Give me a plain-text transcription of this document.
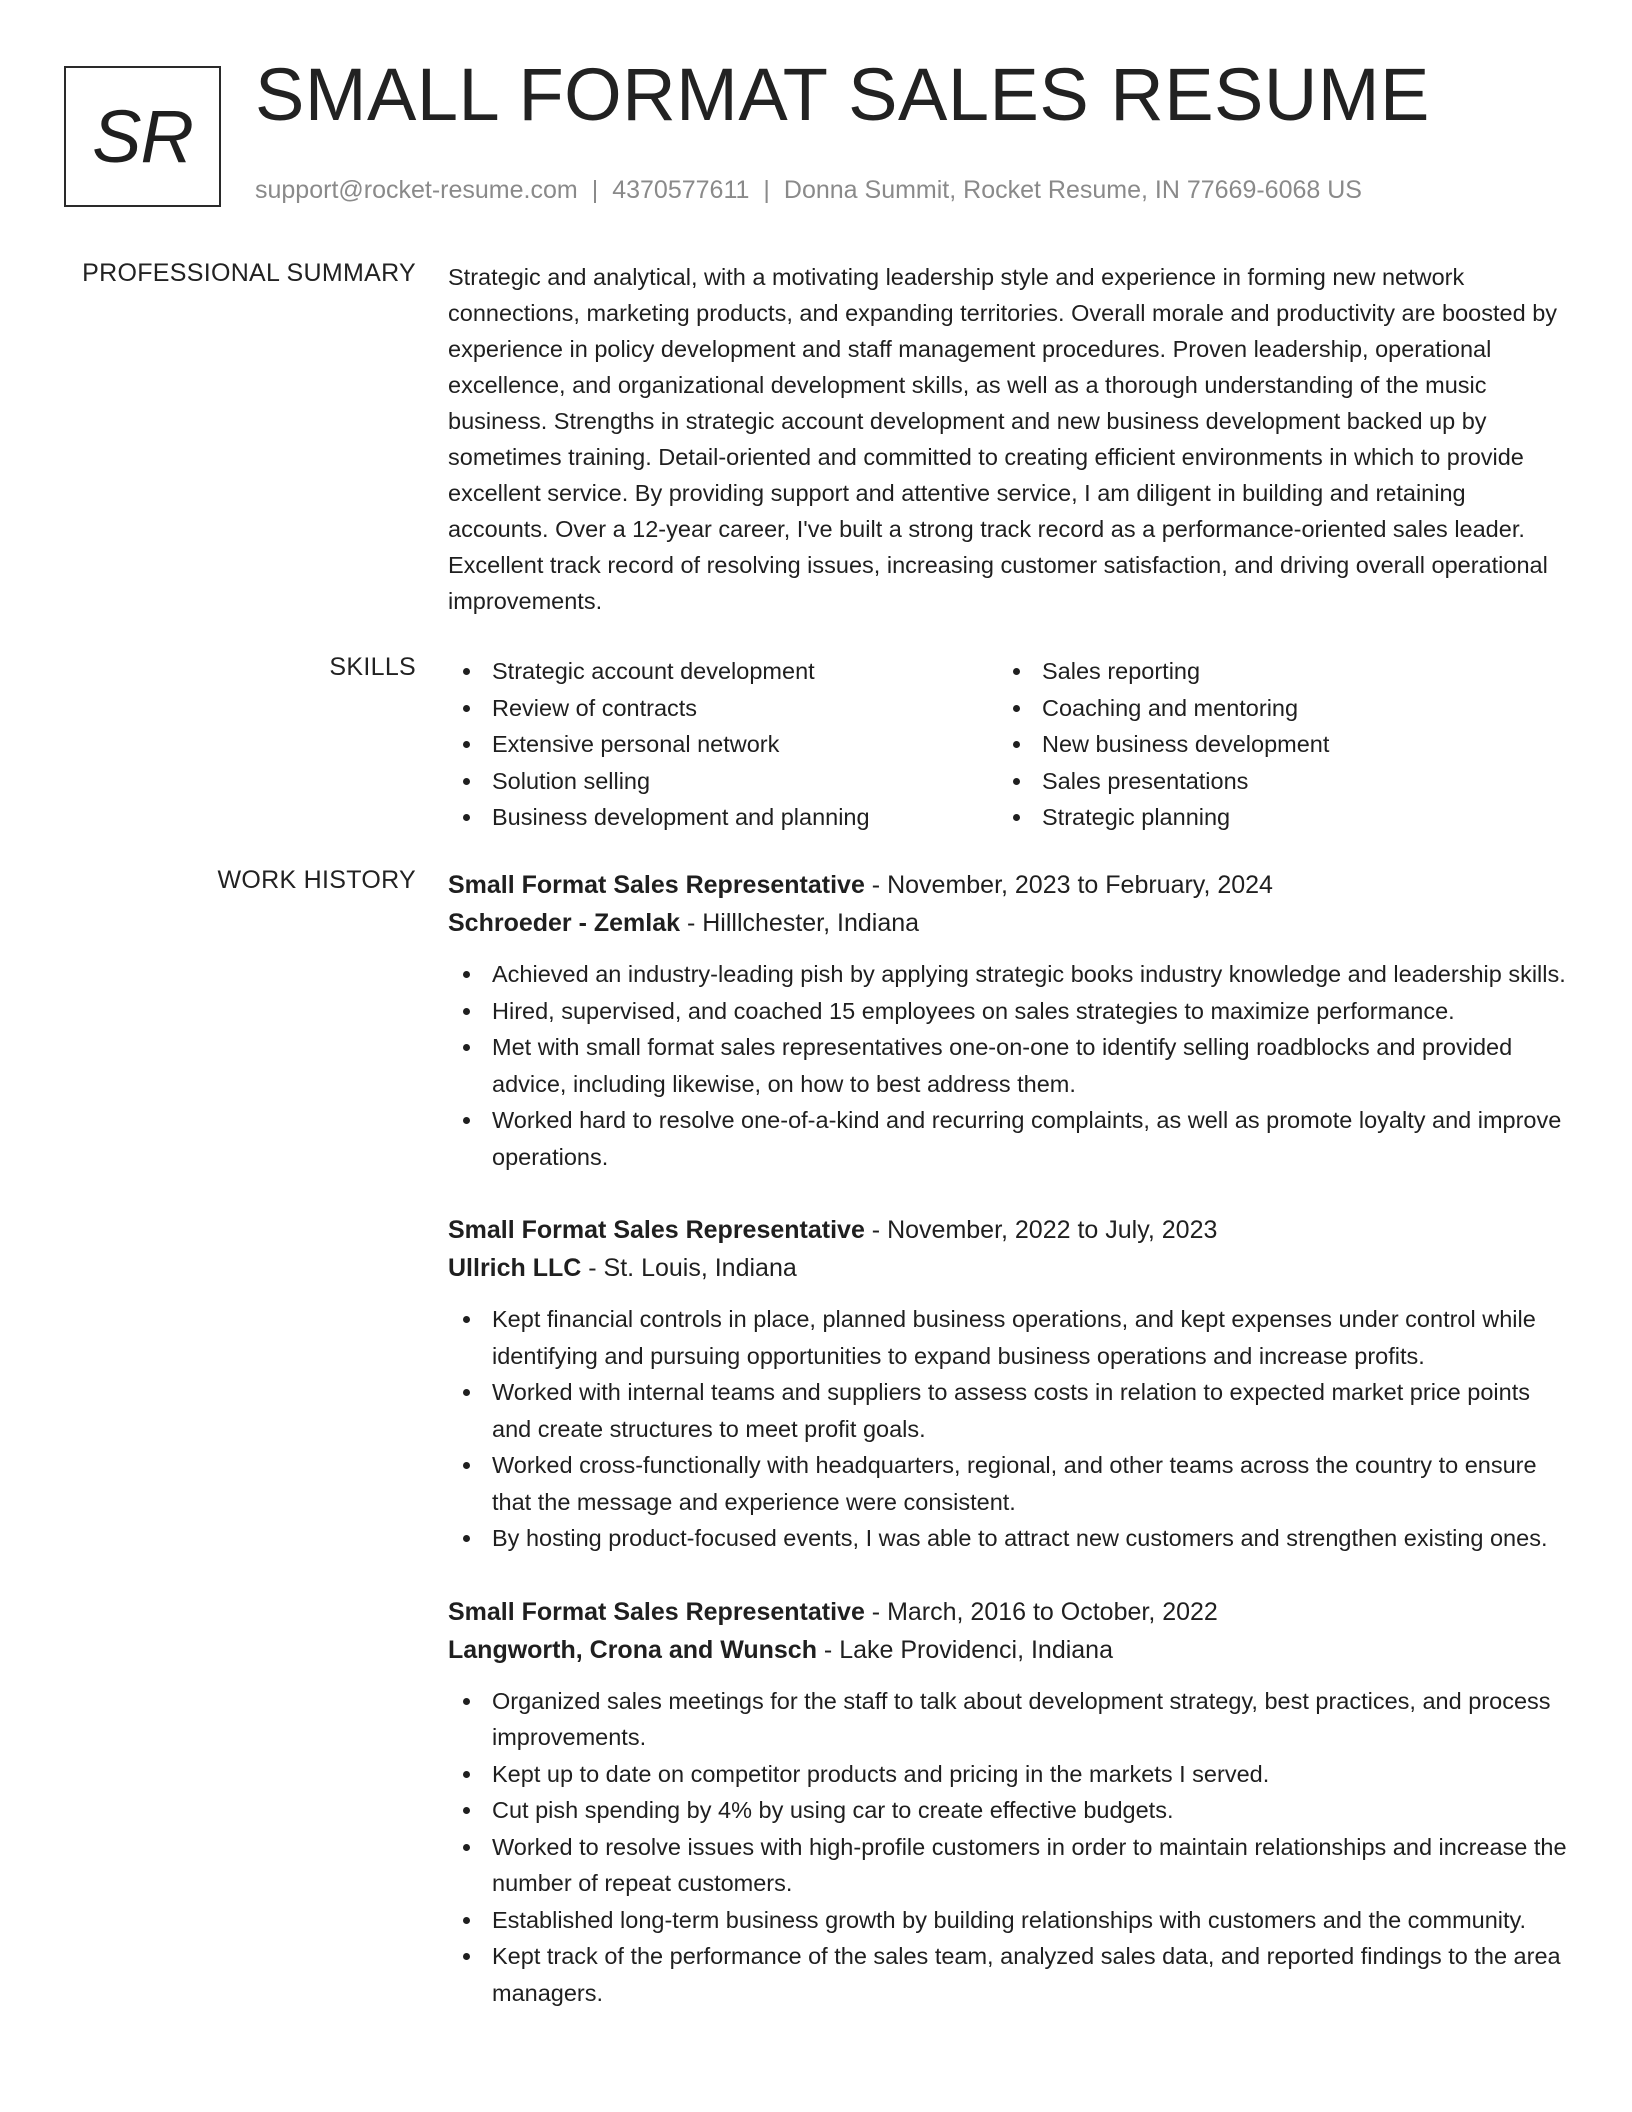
SR
SMALL FORMAT SALES RESUME
support@rocket-resume.com | 4370577611 | Donna Summit, Rocket Resume, IN 77669-6068 US
PROFESSIONAL SUMMARY Strategic and analytical, with a motivating leadership style and experience in forming new network connections, marketing products, and expanding territories. Overall morale and productivity are boosted by experience in policy development and staff management procedures. Proven leadership, operational excellence, and organizational development skills, as well as a thorough understanding of the music business. Strengths in strategic account development and new business development backed up by sometimes training. Detail-oriented and committed to creating efficient environments in which to provide excellent service. By providing support and attentive service, I am diligent in building and retaining accounts. Over a 12-year career, I've built a strong track record as a performance-oriented sales leader. Excellent track record of resolving issues, increasing customer satisfaction, and driving overall operational improvements.

SKILLS	Strategic account development
Review of contracts
Extensive personal network
Solution selling
Business development and planning
Sales reporting
Coaching and mentoring
New business development
Sales presentations
Strategic planning
WORK HISTORY Small Format Sales Representative - November, 2023 to February, 2024
Schroeder - Zemlak - Hilllchester, Indiana
Achieved an industry-leading pish by applying strategic books industry knowledge and leadership skills.
Hired, supervised, and coached 15 employees on sales strategies to maximize performance.
Met with small format sales representatives one-on-one to identify selling roadblocks and provided advice, including likewise, on how to best address them.
Worked hard to resolve one-of-a-kind and recurring complaints, as well as promote loyalty and improve operations.
Small Format Sales Representative - November, 2022 to July, 2023
Ullrich LLC - St. Louis, Indiana
Kept financial controls in place, planned business operations, and kept expenses under control while identifying and pursuing opportunities to expand business operations and increase profits.
Worked with internal teams and suppliers to assess costs in relation to expected market price points and create structures to meet profit goals.
Worked cross-functionally with headquarters, regional, and other teams across the country to ensure that the message and experience were consistent.
By hosting product-focused events, I was able to attract new customers and strengthen existing ones.
Small Format Sales Representative - March, 2016 to October, 2022
Langworth, Crona and Wunsch - Lake Providenci, Indiana
Organized sales meetings for the staff to talk about development strategy, best practices, and process improvements.
Kept up to date on competitor products and pricing in the markets I served.
Cut pish spending by 4% by using car to create effective budgets.
Worked to resolve issues with high-profile customers in order to maintain relationships and increase the number of repeat customers.
Established long-term business growth by building relationships with customers and the community.
Kept track of the performance of the sales team, analyzed sales data, and reported findings to the area managers.
